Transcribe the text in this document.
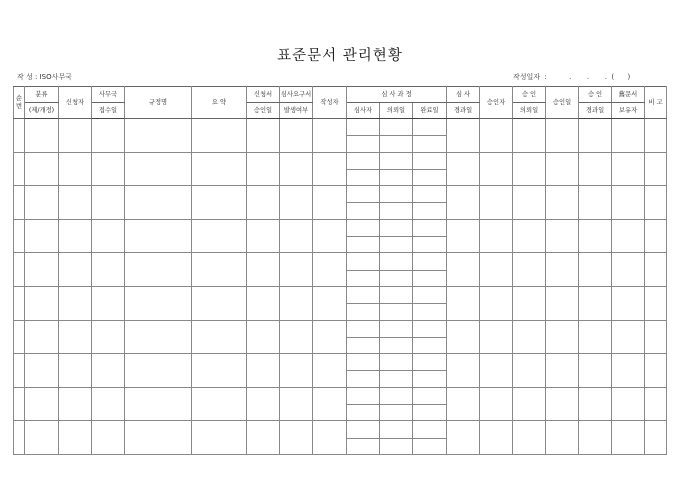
표준문서 관리현황
작 성 : ISO사무국	작성일자  :          .       .       .  (      )
순번	분류	신청자	사무국	규정명	요 약	신청서	심사요구서	작성자	심 사 과 정			심 사	승인자	승 인	승인일	승 인	舊문서	비 고
	(제/개정)		접수일			승인일	발생여부		심사자	의뢰일	완료일	경과일		의뢰일		경과일	보유자	
